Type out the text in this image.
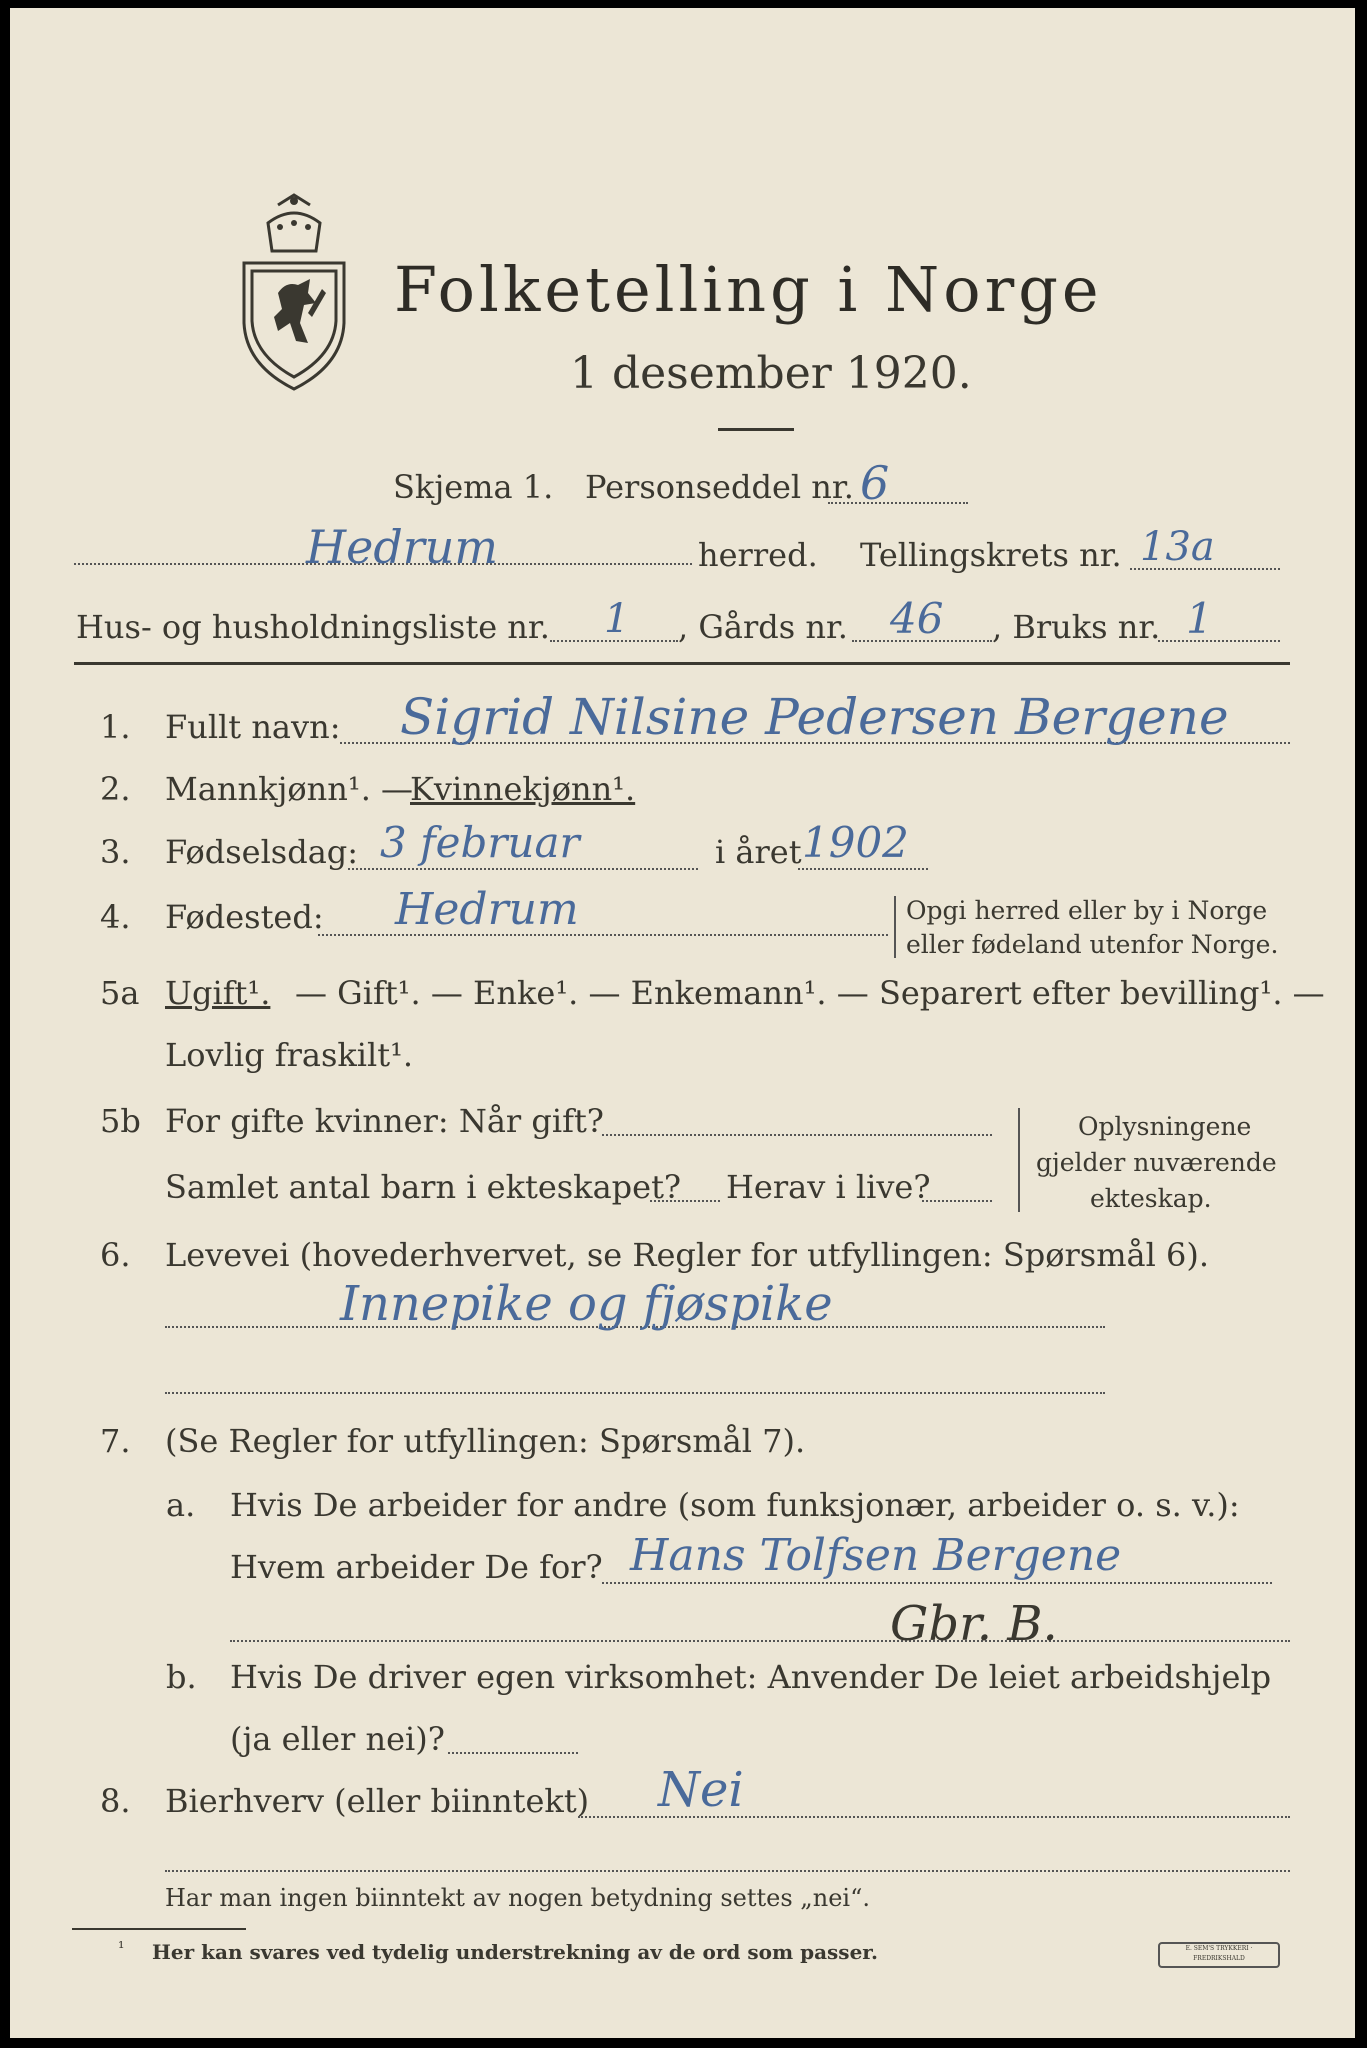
Folketelling i Norge
1 desember 1920.
Skjema 1. Personseddel nr. 6
Hedrum	herred. Tellingskrets nr. 13a
Hus- og husholdningsliste nr. 1 , Gårds nr. 46 , Bruks nr. 1
1. Fullt navn: Sigrid Nilsine Pedersen Bergene
2. Mannkjønn¹. —
Kvinnekjønn¹.
3. Fødselsdag: 3 februar	i året 1902
4. Fødested: Hedrum	Opgi herred eller by i Norge
eller fødeland utenfor Norge.
5a Ugift¹. — Gift¹. — Enke¹. — Enkemann¹. — Separert efter bevilling¹. —
Lovlig fraskilt¹.
5b For gifte kvinner: Når gift?
Samlet antal barn i ekteskapet? Herav i live?
Oplysningene
gjelder nuværende
ekteskap.
6. Levevei (hovederhvervet, se Regler for utfyllingen: Spørsmål 6).
Innepike og fjøspike
7. (Se Regler for utfyllingen: Spørsmål 7).
a. Hvis De arbeider for andre (som funksjonær, arbeider o. s. v.):
Hvem arbeider De for? Hans Tolfsen Bergene
Gbr. B.
b. Hvis De driver egen virksomhet: Anvender De leiet arbeidshjelp
(ja eller nei)?
8. Bierhverv (eller biinntekt) Nei
Har man ingen biinntekt av nogen betydning settes „nei“.
¹ Her kan svares ved tydelig understrekning av de ord som passer.	E. SEM'S TRYKKERI · FREDRIKSHALD
